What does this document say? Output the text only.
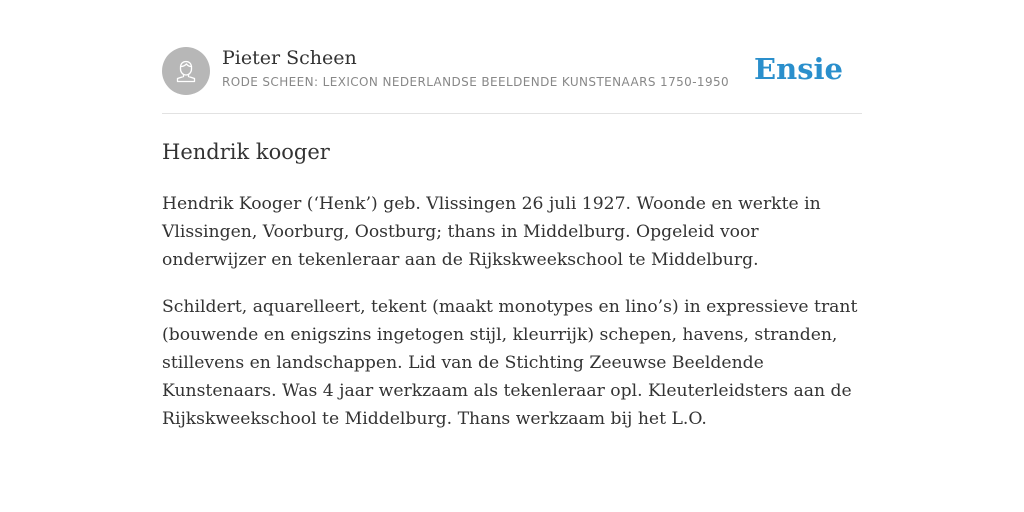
Pieter Scheen
RODE SCHEEN: LEXICON NEDERLANDSE BEELDENDE KUNSTENAARS 1750-1950 Ensie
Hendrik kooger

Hendrik Kooger (‘Henk’) geb. Vlissingen 26 juli 1927. Woonde en werkte in Vlissingen, Voorburg, Oostburg; thans in Middelburg. Opgeleid voor onderwijzer en tekenleraar aan de Rijkskweekschool te Middelburg.

Schildert, aquarelleert, tekent (maakt monotypes en lino’s) in expressieve trant (bouwende en enigszins ingetogen stijl, kleurrijk) schepen, havens, stranden, stillevens en landschappen. Lid van de Stichting Zeeuwse Beeldende Kunstenaars. Was 4 jaar werkzaam als tekenleraar opl. Kleuterleidsters aan de Rijkskweekschool te Middelburg. Thans werkzaam bij het L.O.
